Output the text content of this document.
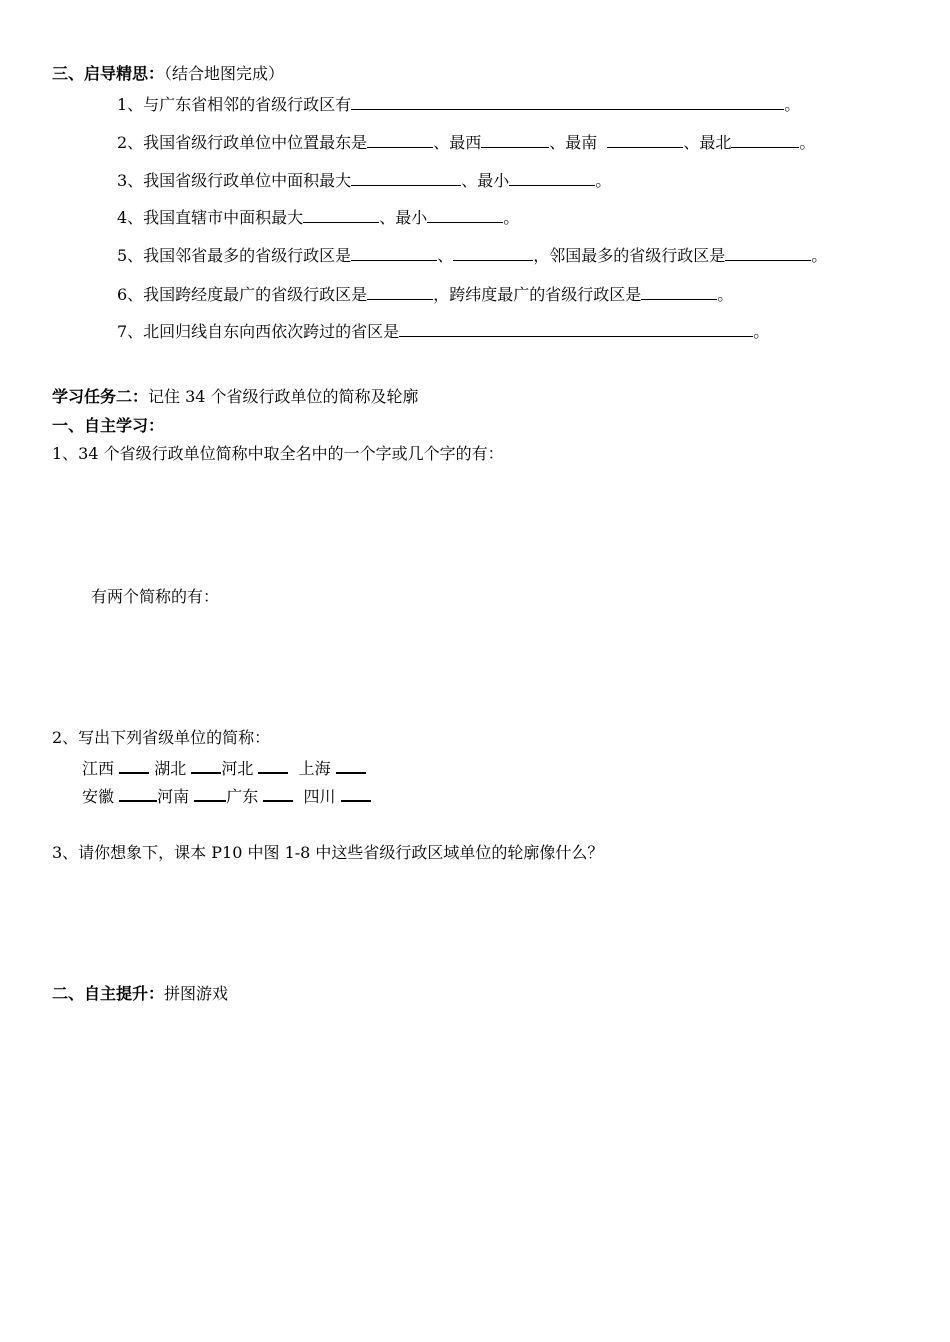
三、启导精思：（结合地图完成）
1、与广东省相邻的省级行政区有	。
2、我国省级行政单位中位置最东是	、最西	、最南	、最北	。
3、我国省级行政单位中面积最大	、最小	。
4、我国直辖市中面积最大	、最小	。
5、我国邻省最多的省级行政区是	、	，邻国最多的省级行政区是	。
6、我国跨经度最广的省级行政区是	，跨纬度最广的省级行政区是	。
7、北回归线自东向西依次跨过的省区是	。
学习任务二：记住 34 个省级行政单位的简称及轮廓
一、自主学习：
1、34 个省级行政单位简称中取全名中的一个字或几个字的有：
有两个简称的有：
2、写出下列省级单位的简称：
江西	湖北 河北	上海
安徽	河南 广东	四川
3、请你想象下，课本 P10 中图 1-8 中这些省级行政区域单位的轮廓像什么？
二、自主提升：拼图游戏
